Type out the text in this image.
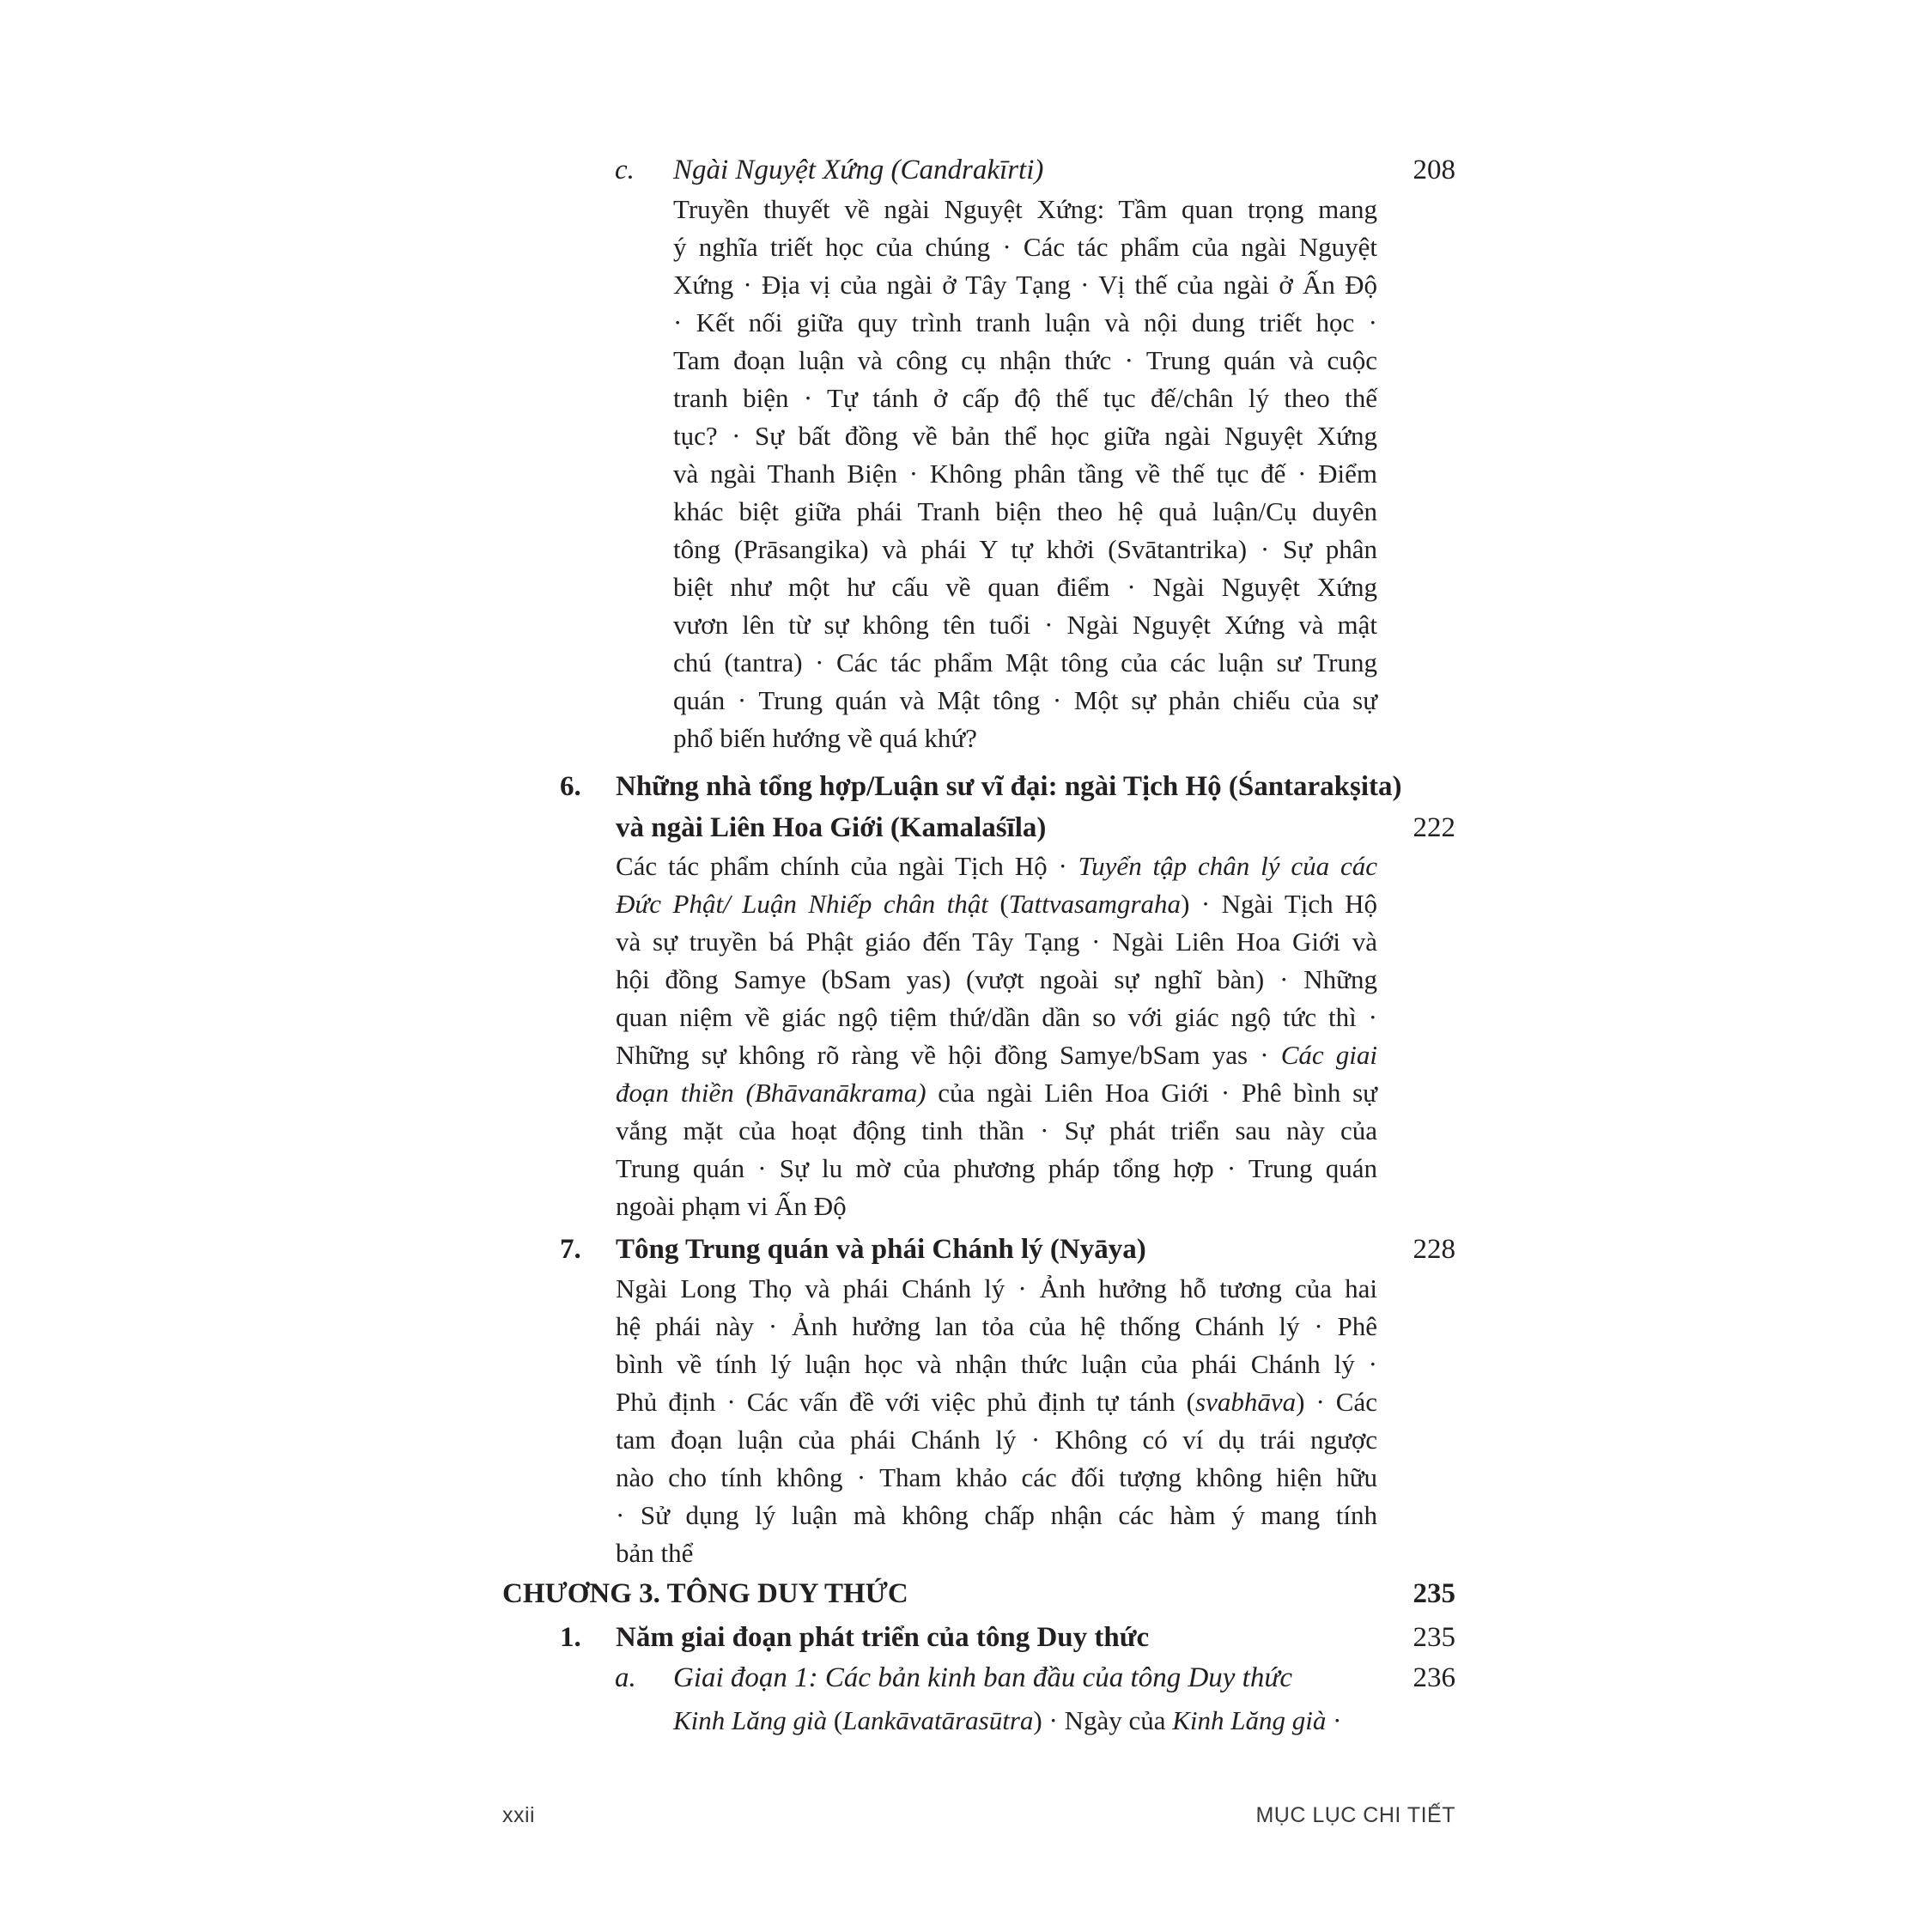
c. Ngài Nguyệt Xứng (Candrakīrti)	208
Truyền thuyết về ngài Nguyệt Xứng: Tầm quan trọng mang
ý nghĩa triết học của chúng · Các tác phẩm của ngài Nguyệt
Xứng · Địa vị của ngài ở Tây Tạng · Vị thế của ngài ở Ấn Độ
· Kết nối giữa quy trình tranh luận và nội dung triết học ·
Tam đoạn luận và công cụ nhận thức · Trung quán và cuộc
tranh biện · Tự tánh ở cấp độ thế tục đế/chân lý theo thế
tục? · Sự bất đồng về bản thể học giữa ngài Nguyệt Xứng
và ngài Thanh Biện · Không phân tầng về thế tục đế · Điểm
khác biệt giữa phái Tranh biện theo hệ quả luận/Cụ duyên
tông (Prāsangika) và phái Y tự khởi (Svātantrika) · Sự phân
biệt như một hư cấu về quan điểm · Ngài Nguyệt Xứng
vươn lên từ sự không tên tuổi · Ngài Nguyệt Xứng và mật
chú (tantra) · Các tác phẩm Mật tông của các luận sư Trung
quán · Trung quán và Mật tông · Một sự phản chiếu của sự
phổ biến hướng về quá khứ?
6. Những nhà tổng hợp/Luận sư vĩ đại: ngài Tịch Hộ (Śantarakṣita)
và ngài Liên Hoa Giới (Kamalaśīla)	222
Các tác phẩm chính của ngài Tịch Hộ · Tuyển tập chân lý của các
Đức Phật/ Luận Nhiếp chân thật (Tattvasamgraha) · Ngài Tịch Hộ
và sự truyền bá Phật giáo đến Tây Tạng · Ngài Liên Hoa Giới và
hội đồng Samye (bSam yas) (vượt ngoài sự nghĩ bàn) · Những
quan niệm về giác ngộ tiệm thứ/dần dần so với giác ngộ tức thì ·
Những sự không rõ ràng về hội đồng Samye/bSam yas · Các giai
đoạn thiền (Bhāvanākrama) của ngài Liên Hoa Giới · Phê bình sự
vắng mặt của hoạt động tinh thần · Sự phát triển sau này của
Trung quán · Sự lu mờ của phương pháp tổng hợp · Trung quán
ngoài phạm vi Ấn Độ
7. Tông Trung quán và phái Chánh lý (Nyāya)	228
Ngài Long Thọ và phái Chánh lý · Ảnh hưởng hỗ tương của hai
hệ phái này · Ảnh hưởng lan tỏa của hệ thống Chánh lý · Phê
bình về tính lý luận học và nhận thức luận của phái Chánh lý ·
Phủ định · Các vấn đề với việc phủ định tự tánh (svabhāva) · Các
tam đoạn luận của phái Chánh lý · Không có ví dụ trái ngược
nào cho tính không · Tham khảo các đối tượng không hiện hữu
· Sử dụng lý luận mà không chấp nhận các hàm ý mang tính
bản thể
CHƯƠNG 3. TÔNG DUY THỨC	235
1. Năm giai đoạn phát triển của tông Duy thức	235
a. Giai đoạn 1: Các bản kinh ban đầu của tông Duy thức	236
Kinh Lăng già (Lankāvatārasūtra) · Ngày của Kinh Lăng già ·
xxii	MỤC LỤC CHI TIẾT
